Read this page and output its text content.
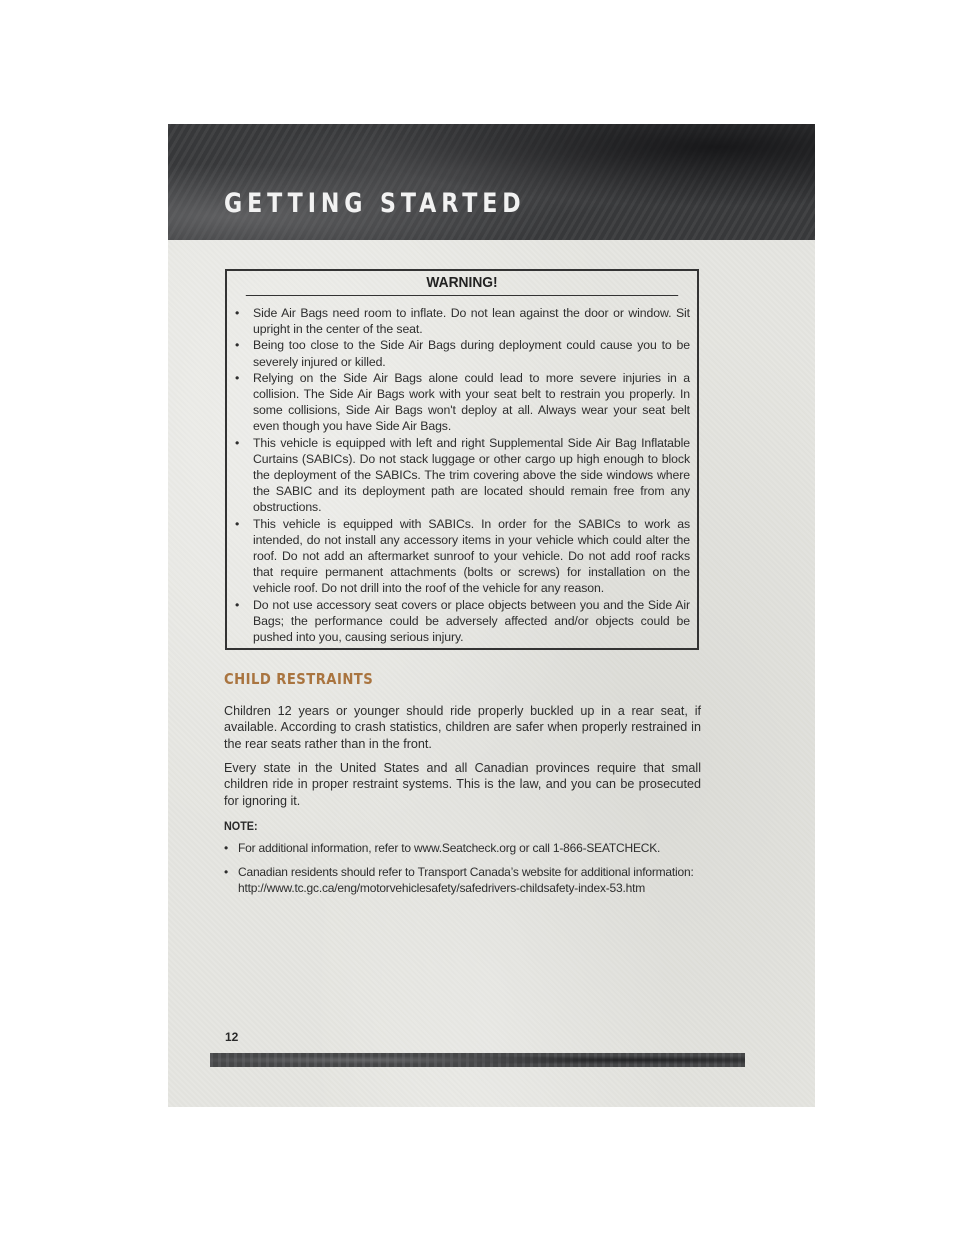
GETTING STARTED
WARNING!
• Side Air Bags need room to inflate. Do not lean against the door or window. Sit upright in the center of the seat.
• Being too close to the Side Air Bags during deployment could cause you to be severely injured or killed.
• Relying on the Side Air Bags alone could lead to more severe injuries in a collision. The Side Air Bags work with your seat belt to restrain you properly. In some collisions, Side Air Bags won't deploy at all. Always wear your seat belt even though you have Side Air Bags.
• This vehicle is equipped with left and right Supplemental Side Air Bag Inflatable Curtains (SABICs). Do not stack luggage or other cargo up high enough to block the deployment of the SABICs. The trim covering above the side windows where the SABIC and its deployment path are located should remain free from any obstructions.
• This vehicle is equipped with SABICs. In order for the SABICs to work as intended, do not install any accessory items in your vehicle which could alter the roof. Do not add an aftermarket sunroof to your vehicle. Do not add roof racks that require permanent attachments (bolts or screws) for installation on the vehicle roof. Do not drill into the roof of the vehicle for any reason.
• Do not use accessory seat covers or place objects between you and the Side Air Bags; the performance could be adversely affected and/or objects could be pushed into you, causing serious injury.
CHILD RESTRAINTS

Children 12 years or younger should ride properly buckled up in a rear seat, if available. According to crash statistics, children are safer when properly restrained in the rear seats rather than in the front.

Every state in the United States and all Canadian provinces require that small children ride in proper restraint systems. This is the law, and you can be prosecuted for ignoring it.

NOTE:

• For additional information, refer to www.Seatcheck.org or call 1-866-SEATCHECK.
• Canadian residents should refer to Transport Canada’s website for additional information: http://www.tc.gc.ca/eng/motorvehiclesafety/safedrivers-childsafety-index-53.htm

12
